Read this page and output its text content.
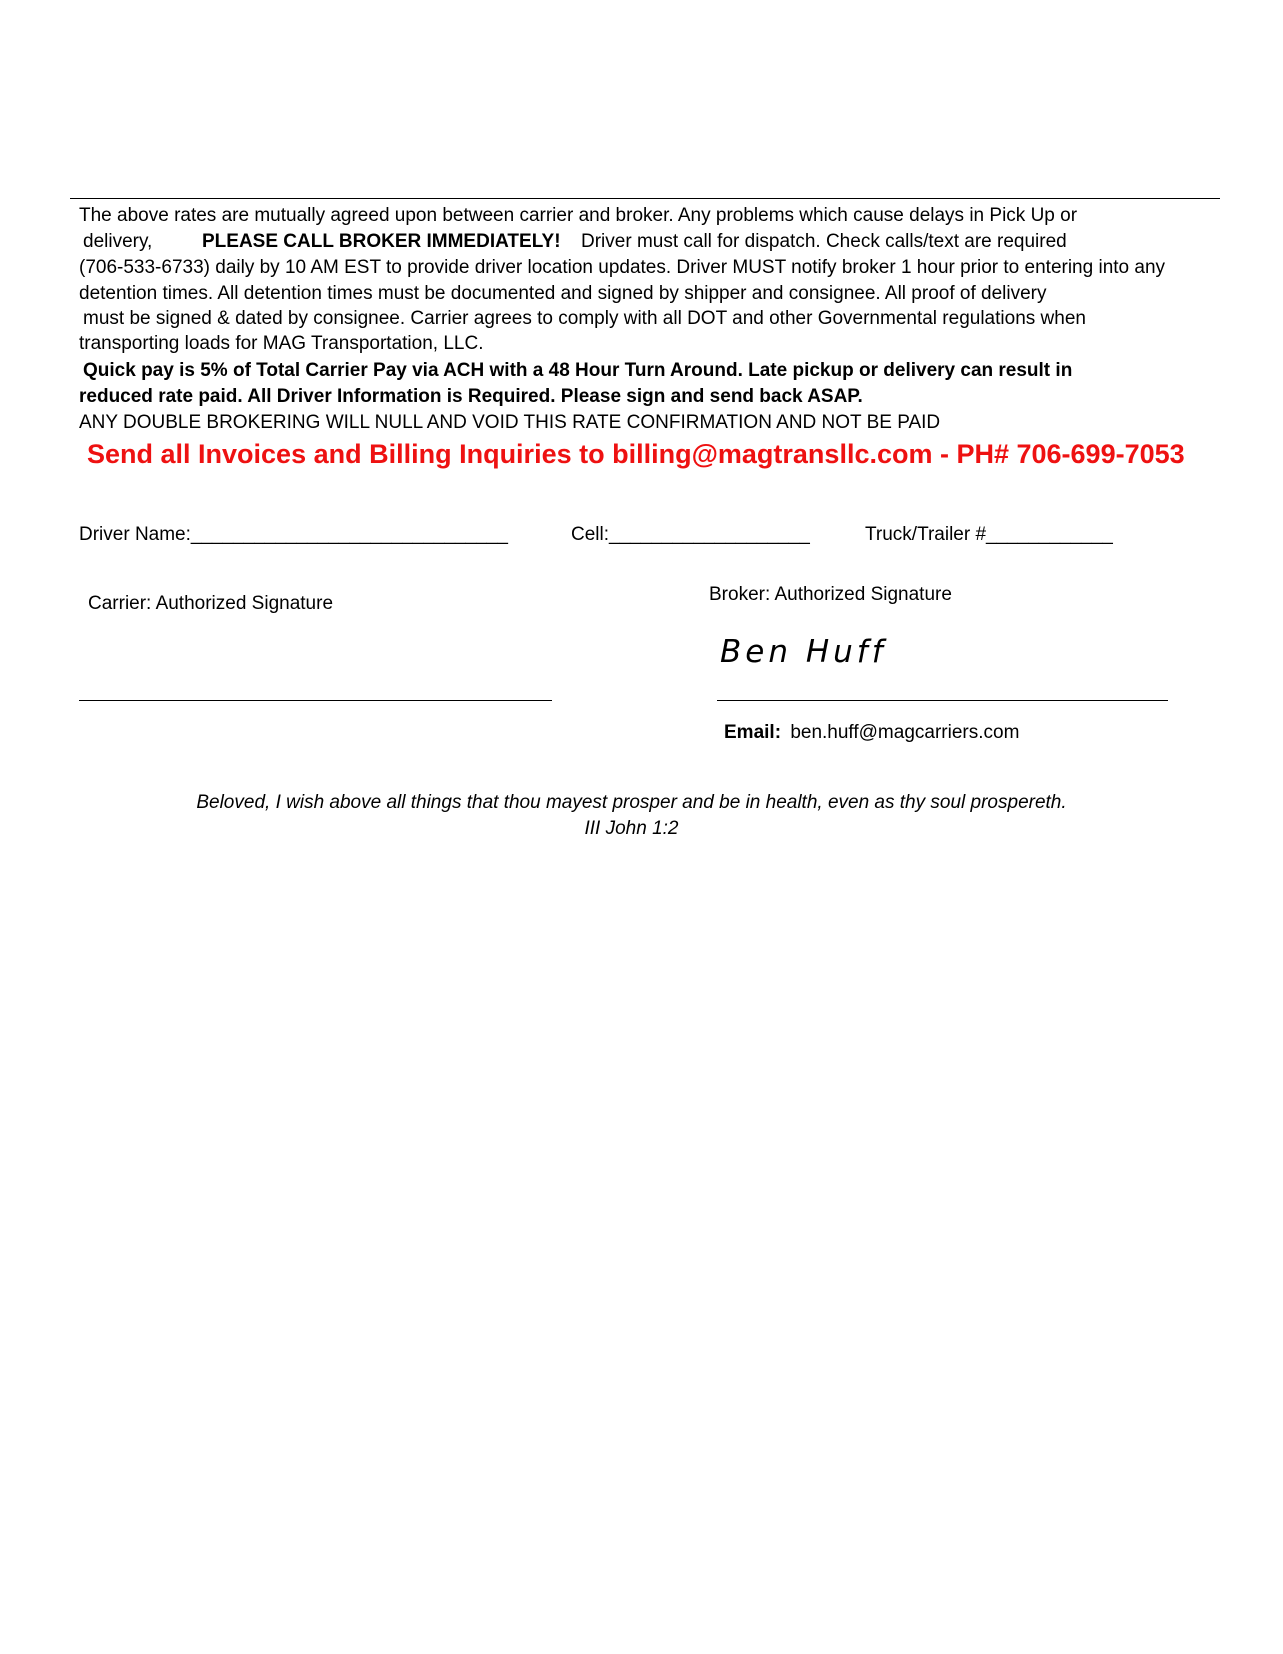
The above rates are mutually agreed upon between carrier and broker. Any problems which cause delays in Pick Up or
delivery,	PLEASE CALL BROKER IMMEDIATELY! Driver must call for dispatch. Check calls/text are required
(706-533-6733) daily by 10 AM EST to provide driver location updates. Driver MUST notify broker 1 hour prior to entering into any
detention times. All detention times must be documented and signed by shipper and consignee. All proof of delivery
must be signed & dated by consignee. Carrier agrees to comply with all DOT and other Governmental regulations when
transporting loads for MAG Transportation, LLC.
Quick pay is 5% of Total Carrier Pay via ACH with a 48 Hour Turn Around. Late pickup or delivery can result in
reduced rate paid. All Driver Information is Required. Please sign and send back ASAP.
ANY DOUBLE BROKERING WILL NULL AND VOID THIS RATE CONFIRMATION AND NOT BE PAID
Send all Invoices and Billing Inquiries to billing@magtransllc.com - PH# 706-699-7053
Driver Name:______________________________	Cell:___________________	Truck/Trailer #____________
Carrier: Authorized Signature	Broker: Authorized Signature
Ben Huff
Email: ben.huff@magcarriers.com
Beloved, I wish above all things that thou mayest prosper and be in health, even as thy soul prospereth.
III John 1:2
